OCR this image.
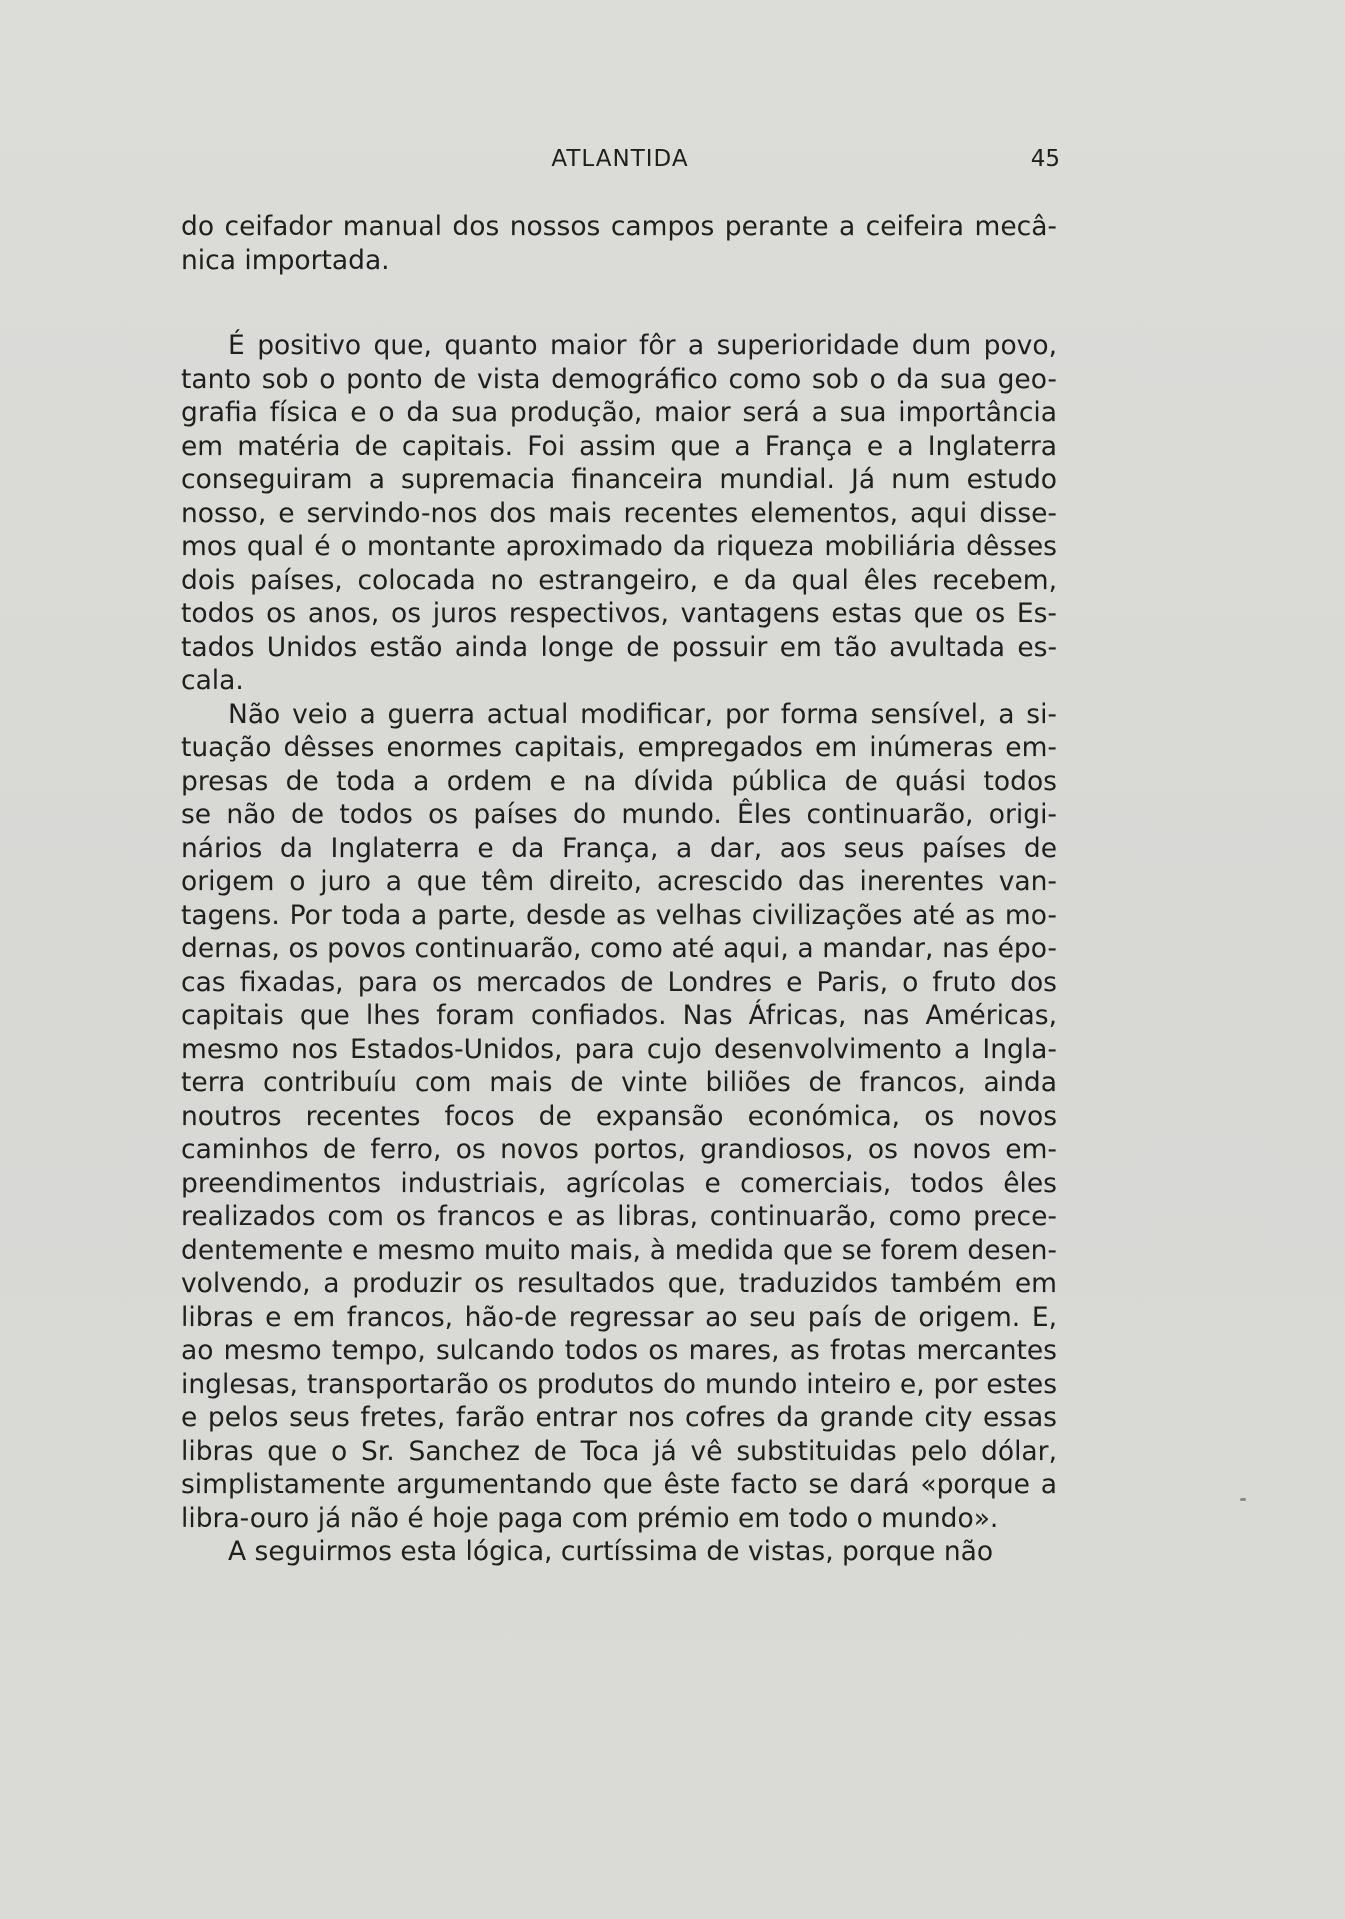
ATLANTIDA	45
do ceifador manual dos nossos campos perante a ceifeira mecâ-
nica importada.
É positivo que, quanto maior fôr a superioridade dum povo,
tanto sob o ponto de vista demográfico como sob o da sua geo-
grafia física e o da sua produção, maior será a sua importância
em matéria de capitais. Foi assim que a França e a Inglaterra
conseguiram a supremacia financeira mundial. Já num estudo
nosso, e servindo-nos dos mais recentes elementos, aqui disse-
mos qual é o montante aproximado da riqueza mobiliária dêsses
dois países, colocada no estrangeiro, e da qual êles recebem,
todos os anos, os juros respectivos, vantagens estas que os Es-
tados Unidos estão ainda longe de possuir em tão avultada es-
cala.
Não veio a guerra actual modificar, por forma sensível, a si-
tuação dêsses enormes capitais, empregados em inúmeras em-
presas de toda a ordem e na dívida pública de quási todos
se não de todos os países do mundo. Êles continuarão, origi-
nários da Inglaterra e da França, a dar, aos seus países de
origem o juro a que têm direito, acrescido das inerentes van-
tagens. Por toda a parte, desde as velhas civilizações até as mo-
dernas, os povos continuarão, como até aqui, a mandar, nas épo-
cas fixadas, para os mercados de Londres e Paris, o fruto dos
capitais que lhes foram confiados. Nas Áfricas, nas Américas,
mesmo nos Estados-Unidos, para cujo desenvolvimento a Ingla-
terra contribuíu com mais de vinte biliões de francos, ainda
noutros recentes focos de expansão económica, os novos
caminhos de ferro, os novos portos, grandiosos, os novos em-
preendimentos industriais, agrícolas e comerciais, todos êles
realizados com os francos e as libras, continuarão, como prece-
dentemente e mesmo muito mais, à medida que se forem desen-
volvendo, a produzir os resultados que, traduzidos também em
libras e em francos, hão-de regressar ao seu país de origem. E,
ao mesmo tempo, sulcando todos os mares, as frotas mercantes
inglesas, transportarão os produtos do mundo inteiro e, por estes
e pelos seus fretes, farão entrar nos cofres da grande city essas
libras que o Sr. Sanchez de Toca já vê substituidas pelo dólar,
simplistamente argumentando que êste facto se dará «porque a
libra-ouro já não é hoje paga com prémio em todo o mundo».
A seguirmos esta lógica, curtíssima de vistas, porque não
